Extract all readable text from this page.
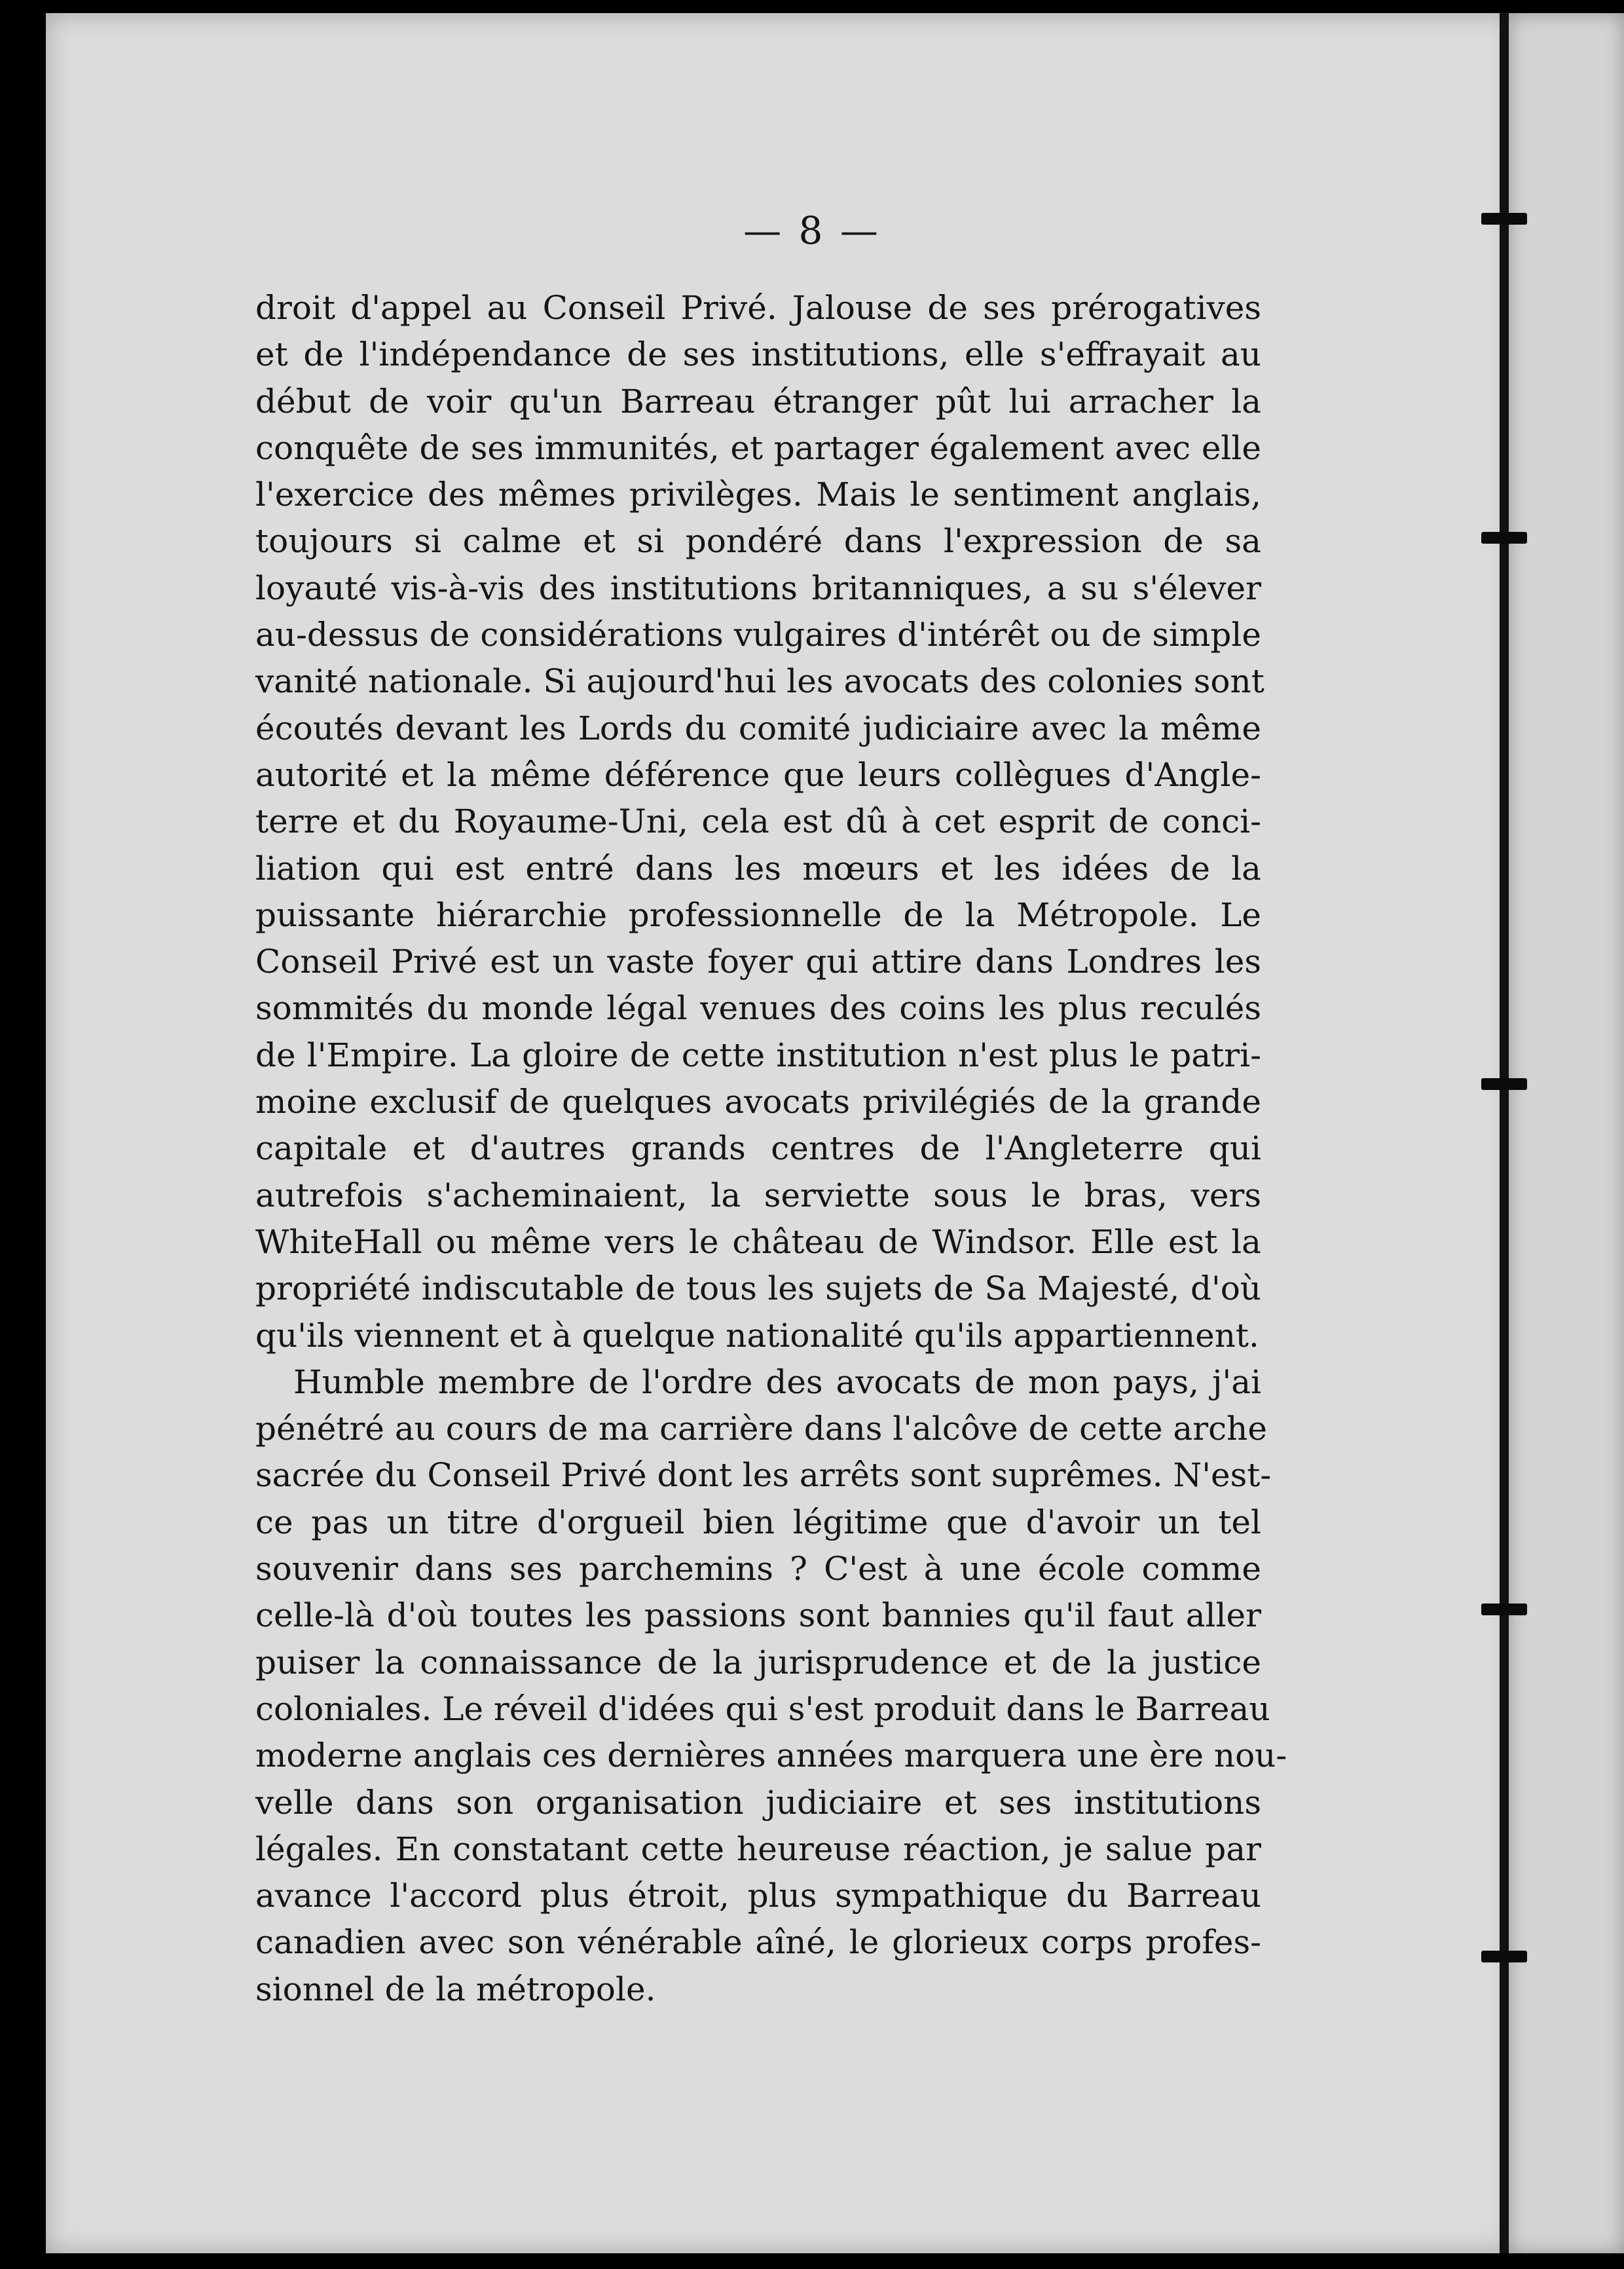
— 8 —
droit d'appel au Conseil Privé. Jalouse de ses prérogatives
et de l'indépendance de ses institutions, elle s'effrayait au
début de voir qu'un Barreau étranger pût lui arracher la
conquête de ses immunités, et partager également avec elle
l'exercice des mêmes privilèges. Mais le sentiment anglais,
toujours si calme et si pondéré dans l'expression de sa
loyauté vis-à-vis des institutions britanniques, a su s'élever
au-dessus de considérations vulgaires d'intérêt ou de simple
vanité nationale. Si aujourd'hui les avocats des colonies sont
écoutés devant les Lords du comité judiciaire avec la même
autorité et la même déférence que leurs collègues d'Angle-
terre et du Royaume-Uni, cela est dû à cet esprit de conci-
liation qui est entré dans les mœurs et les idées de la
puissante hiérarchie professionnelle de la Métropole. Le
Conseil Privé est un vaste foyer qui attire dans Londres les
sommités du monde légal venues des coins les plus reculés
de l'Empire. La gloire de cette institution n'est plus le patri-
moine exclusif de quelques avocats privilégiés de la grande
capitale et d'autres grands centres de l'Angleterre qui
autrefois s'acheminaient, la serviette sous le bras, vers
WhiteHall ou même vers le château de Windsor. Elle est la
propriété indiscutable de tous les sujets de Sa Majesté, d'où
qu'ils viennent et à quelque nationalité qu'ils appartiennent.
Humble membre de l'ordre des avocats de mon pays, j'ai
pénétré au cours de ma carrière dans l'alcôve de cette arche
sacrée du Conseil Privé dont les arrêts sont suprêmes. N'est-
ce pas un titre d'orgueil bien légitime que d'avoir un tel
souvenir dans ses parchemins ? C'est à une école comme
celle-là d'où toutes les passions sont bannies qu'il faut aller
puiser la connaissance de la jurisprudence et de la justice
coloniales. Le réveil d'idées qui s'est produit dans le Barreau
moderne anglais ces dernières années marquera une ère nou-
velle dans son organisation judiciaire et ses institutions
légales. En constatant cette heureuse réaction, je salue par
avance l'accord plus étroit, plus sympathique du Barreau
canadien avec son vénérable aîné, le glorieux corps profes-
sionnel de la métropole.
